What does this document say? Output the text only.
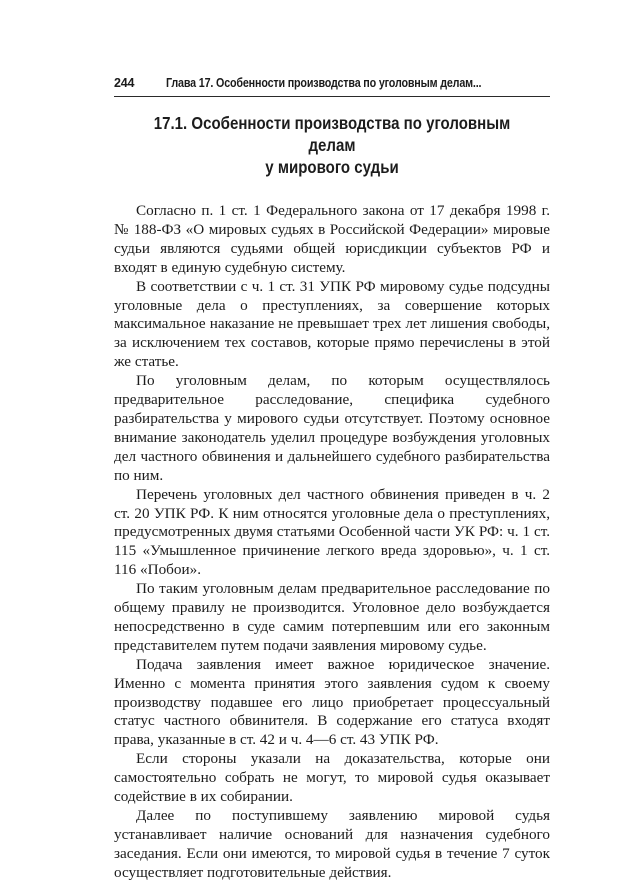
244	Глава 17. Особенности производства по уголовным делам...
17.1. Особенности производства по уголовным делам
у мирового судьи

Согласно п. 1 ст. 1 Федерального закона от 17 декабря 1998 г. № 188-ФЗ «О мировых судьях в Российской Федерации» мировые судьи являются судьями общей юрисдикции субъектов РФ и входят в единую судебную систему.

В соответствии с ч. 1 ст. 31 УПК РФ мировому судье подсудны уголовные дела о преступлениях, за совершение которых максимальное наказание не превышает трех лет лишения свободы, за исключением тех составов, которые прямо перечислены в этой же статье.

По уголовным делам, по которым осуществлялось предварительное расследование, специфика судебного разбирательства у мирового судьи отсутствует. Поэтому основное внимание законодатель уделил процедуре возбуждения уголовных дел частного обвинения и дальнейшего судебного разбирательства по ним.

Перечень уголовных дел частного обвинения приведен в ч. 2 ст. 20 УПК РФ. К ним относятся уголовные дела о преступлениях, предусмотренных двумя статьями Особенной части УК РФ: ч. 1 ст. 115 «Умышленное причинение легкого вреда здоровью», ч. 1 ст. 116 «Побои».

По таким уголовным делам предварительное расследование по общему правилу не производится. Уголовное дело возбуждается непосредственно в суде самим потерпевшим или его законным представителем путем подачи заявления мировому судье.

Подача заявления имеет важное юридическое значение. Именно с момента принятия этого заявления судом к своему производству подавшее его лицо приобретает процессуальный статус частного обвинителя. В содержание его статуса входят права, указанные в ст. 42 и ч. 4—6 ст. 43 УПК РФ.

Если стороны указали на доказательства, которые они самостоятельно собрать не могут, то мировой судья оказывает содействие в их собирании.

Далее по поступившему заявлению мировой судья устанавливает наличие оснований для назначения судебного заседания. Если они имеются, то мировой судья в течение 7 суток осуществляет подготовительные действия.
